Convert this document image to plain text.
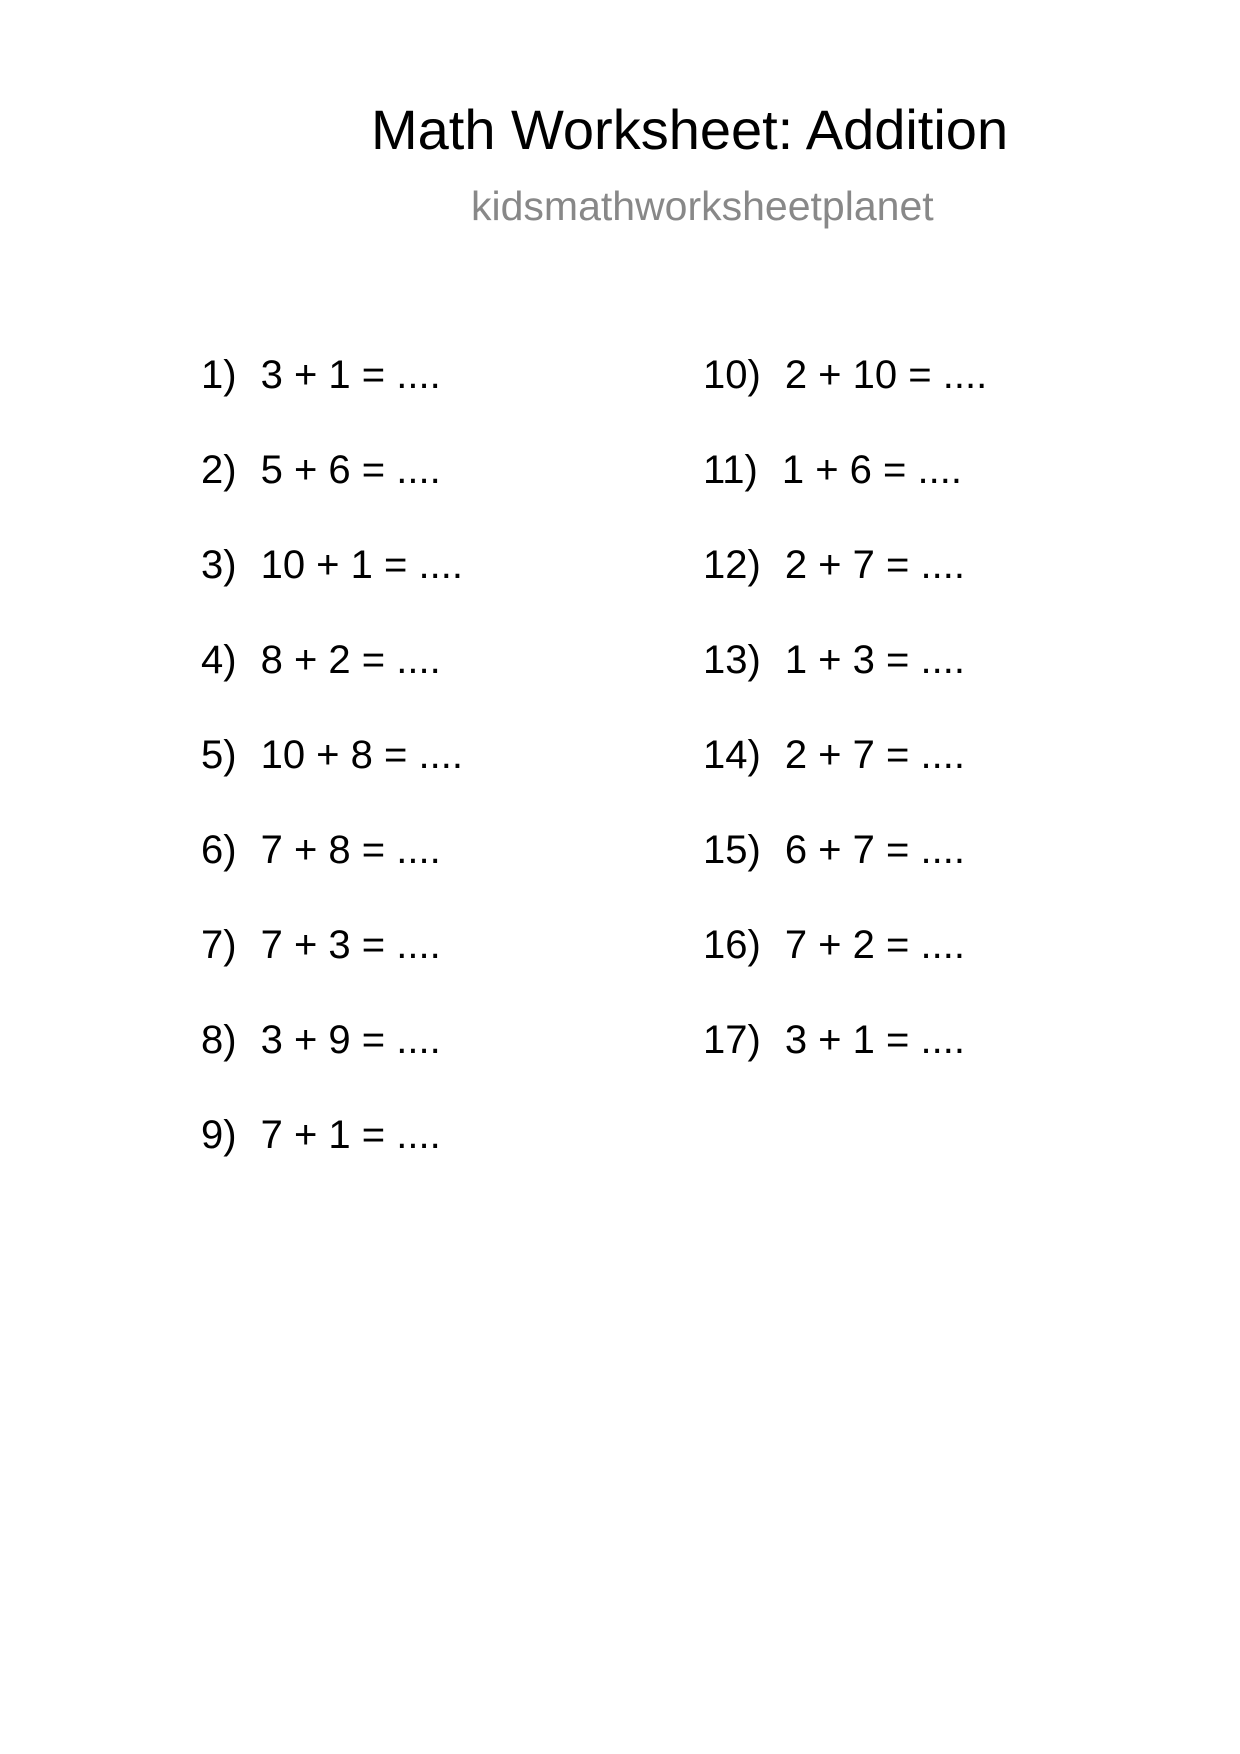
Math Worksheet: Addition
kidsmathworksheetplanet
1) 3 + 1 = ....
2) 5 + 6 = ....
3) 10 + 1 = ....
4) 8 + 2 = ....
5) 10 + 8 = ....
6) 7 + 8 = ....
7) 7 + 3 = ....
8) 3 + 9 = ....
9) 7 + 1 = ....
10) 2 + 10 = ....
11) 1 + 6 = ....
12) 2 + 7 = ....
13) 1 + 3 = ....
14) 2 + 7 = ....
15) 6 + 7 = ....
16) 7 + 2 = ....
17) 3 + 1 = ....
